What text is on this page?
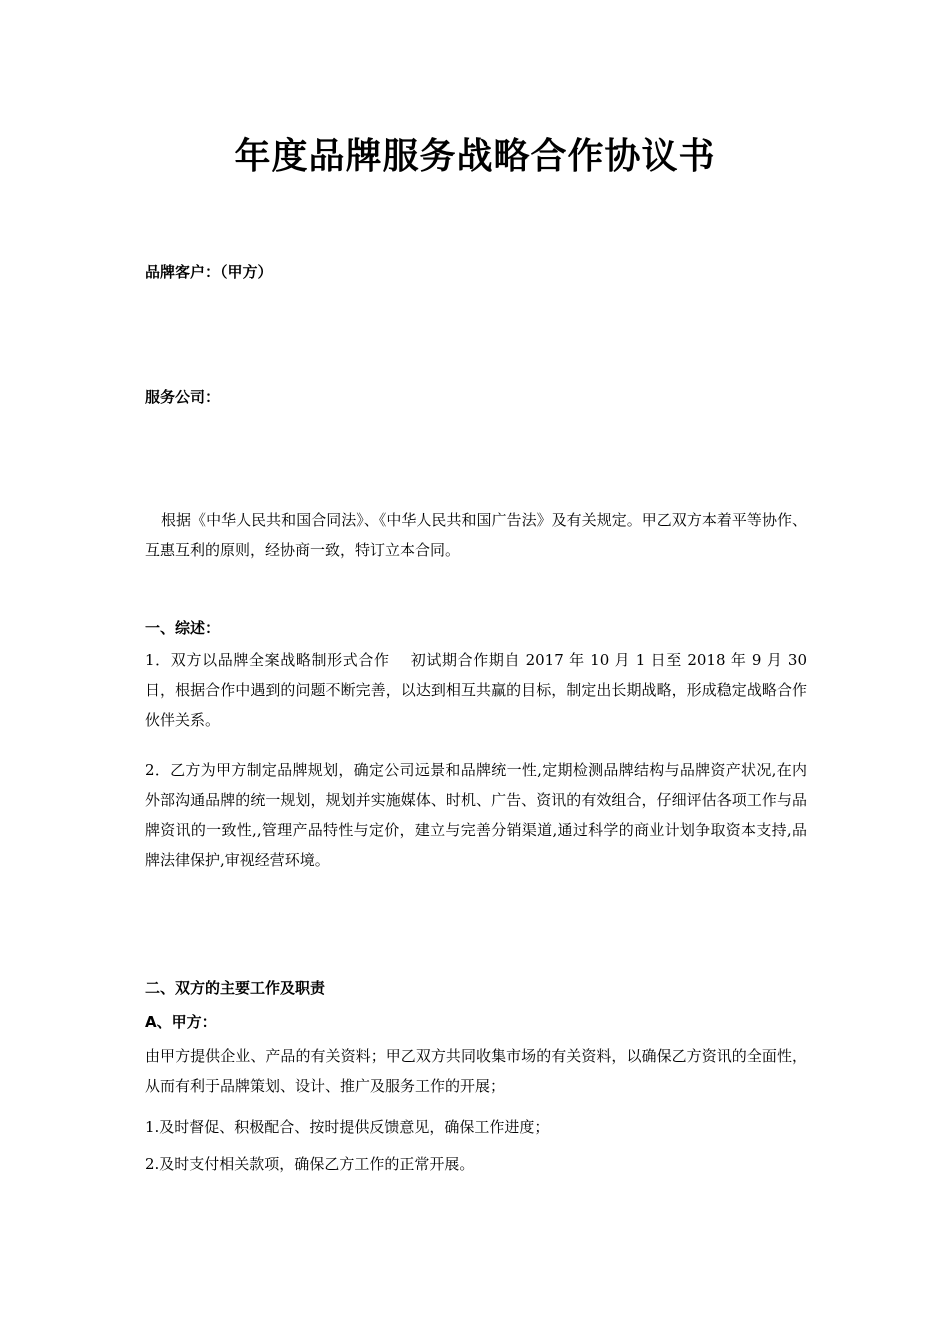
年度品牌服务战略合作协议书
品牌客户：（甲方）
服务公司：
根据《中华人民共和国合同法》、《中华人民共和国广告法》及有关规定。甲乙双方本着平等协作、互惠互利的原则，经协商一致，特订立本合同。
一、综述：
1．双方以品牌全案战略制形式合作　 初试期合作期自 2017 年 10 月 1 日至 2018 年 9 月 30 日，根据合作中遇到的问题不断完善，以达到相互共赢的目标，制定出长期战略，形成稳定战略合作伙伴关系。
2．乙方为甲方制定品牌规划，确定公司远景和品牌统一性,定期检测品牌结构与品牌资产状况,在内外部沟通品牌的统一规划，规划并实施媒体、时机、广告、资讯的有效组合，仔细评估各项工作与品牌资讯的一致性,,管理产品特性与定价，建立与完善分销渠道,通过科学的商业计划争取资本支持,品牌法律保护,审视经营环境。
二、双方的主要工作及职责
A、甲方：
由甲方提供企业、产品的有关资料；甲乙双方共同收集市场的有关资料，以确保乙方资讯的全面性，从而有利于品牌策划、设计、推广及服务工作的开展；
1.及时督促、积极配合、按时提供反馈意见，确保工作进度；
2.及时支付相关款项，确保乙方工作的正常开展。
